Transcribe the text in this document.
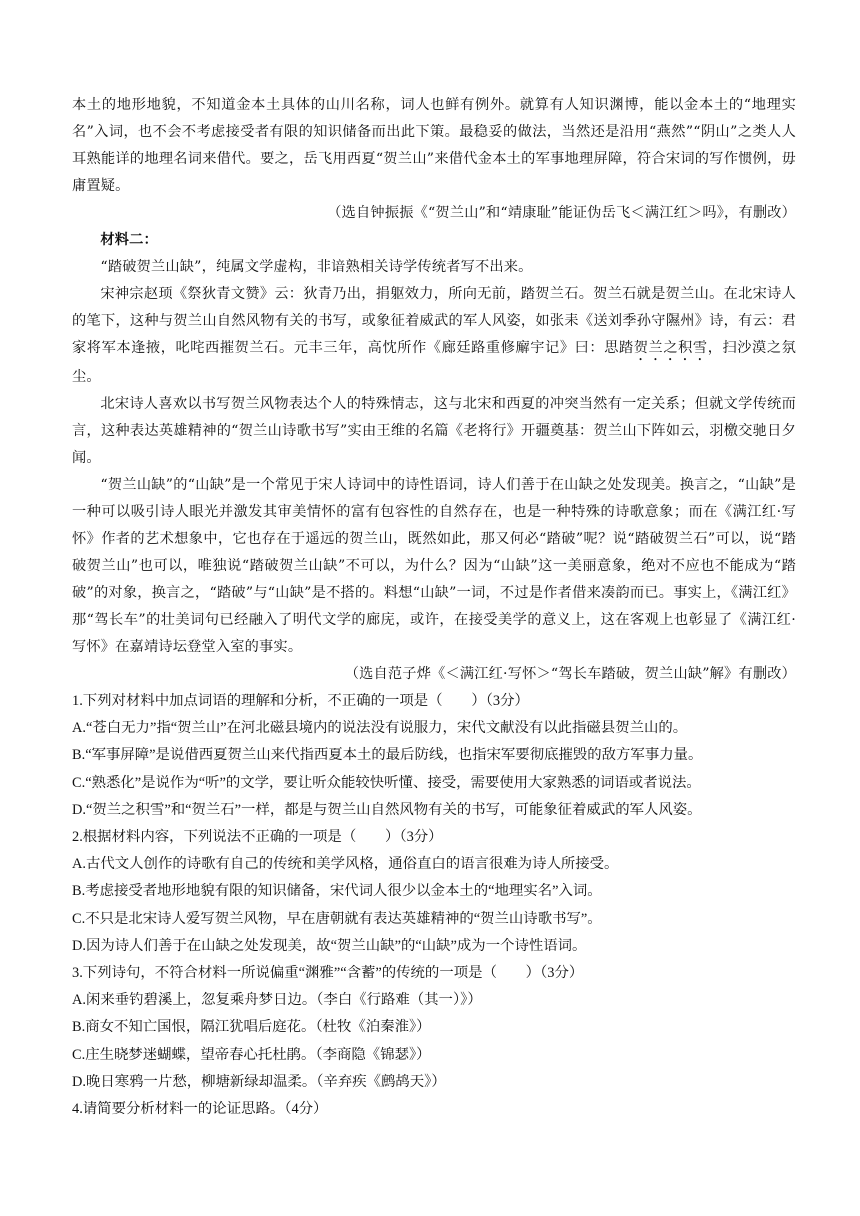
本土的地形地貌，不知道金本土具体的山川名称，词人也鲜有例外。就算有人知识渊博，能以金本土的“地理实名”入词，也不会不考虑接受者有限的知识储备而出此下策。最稳妥的做法，当然还是沿用“燕然”“阴山”之类人人耳熟能详的地理名词来借代。要之，岳飞用西夏“贺兰山”来借代金本土的军事地理屏障，符合宋词的写作惯例，毋庸置疑。

（选自钟振振《“贺兰山”和“靖康耻”能证伪岳飞＜满江红＞吗》，有删改）

材料二：

“踏破贺兰山缺”，纯属文学虚构，非谙熟相关诗学传统者写不出来。

宋神宗赵顼《祭狄青文赞》云：狄青乃出，捐躯效力，所向无前，踏贺兰石。贺兰石就是贺兰山。在北宋诗人的笔下，这种与贺兰山自然风物有关的书写，或象征着威武的军人风姿，如张耒《送刘季孙守隰州》诗，有云：君家将军本逢掖，叱咤西摧贺兰石。元丰三年，高忱所作《廊廷路重修廨宇记》曰：思踏贺兰之积雪，扫沙漠之氛尘。

北宋诗人喜欢以书写贺兰风物表达个人的特殊情志，这与北宋和西夏的冲突当然有一定关系；但就文学传统而言，这种表达英雄精神的“贺兰山诗歌书写”实由王维的名篇《老将行》开疆奠基：贺兰山下阵如云，羽檄交驰日夕闻。

“贺兰山缺”的“山缺”是一个常见于宋人诗词中的诗性语词，诗人们善于在山缺之处发现美。换言之，“山缺”是一种可以吸引诗人眼光并激发其审美情怀的富有包容性的自然存在，也是一种特殊的诗歌意象；而在《满江红·写怀》作者的艺术想象中，它也存在于遥远的贺兰山，既然如此，那又何必“踏破”呢？说“踏破贺兰石”可以，说“踏破贺兰山”也可以，唯独说“踏破贺兰山缺”不可以，为什么？因为“山缺”这一美丽意象，绝对不应也不能成为“踏破”的对象，换言之，“踏破”与“山缺”是不搭的。料想“山缺”一词，不过是作者借来凑韵而已。事实上，《满江红》那“驾长车”的壮美词句已经融入了明代文学的廊庑，或许，在接受美学的意义上，这在客观上也彰显了《满江红·写怀》在嘉靖诗坛登堂入室的事实。

（选自范子烨《＜满江红·写怀＞“驾长车踏破，贺兰山缺”解》有删改）

1.下列对材料中加点词语的理解和分析，不正确的一项是（　　）（3分）

A.“苍白无力”指“贺兰山”在河北磁县境内的说法没有说服力，宋代文献没有以此指磁县贺兰山的。

B.“军事屏障”是说借西夏贺兰山来代指西夏本土的最后防线，也指宋军要彻底摧毁的敌方军事力量。

C.“熟悉化”是说作为“听”的文学，要让听众能较快听懂、接受，需要使用大家熟悉的词语或者说法。

D.“贺兰之积雪”和“贺兰石”一样，都是与贺兰山自然风物有关的书写，可能象征着威武的军人风姿。

2.根据材料内容，下列说法不正确的一项是（　　）（3分）

A.古代文人创作的诗歌有自己的传统和美学风格，通俗直白的语言很难为诗人所接受。

B.考虑接受者地形地貌有限的知识储备，宋代词人很少以金本土的“地理实名”入词。

C.不只是北宋诗人爱写贺兰风物，早在唐朝就有表达英雄精神的“贺兰山诗歌书写”。

D.因为诗人们善于在山缺之处发现美，故“贺兰山缺”的“山缺”成为一个诗性语词。

3.下列诗句，不符合材料一所说偏重“渊雅”“含蓄”的传统的一项是（　　）（3分）

A.闲来垂钓碧溪上，忽复乘舟梦日边。（李白《行路难（其一）》）

B.商女不知亡国恨，隔江犹唱后庭花。（杜牧《泊秦淮》）

C.庄生晓梦迷蝴蝶，望帝春心托杜鹃。（李商隐《锦瑟》）

D.晚日寒鸦一片愁，柳塘新绿却温柔。（辛弃疾《鹧鸪天》）

4.请简要分析材料一的论证思路。（4分）
